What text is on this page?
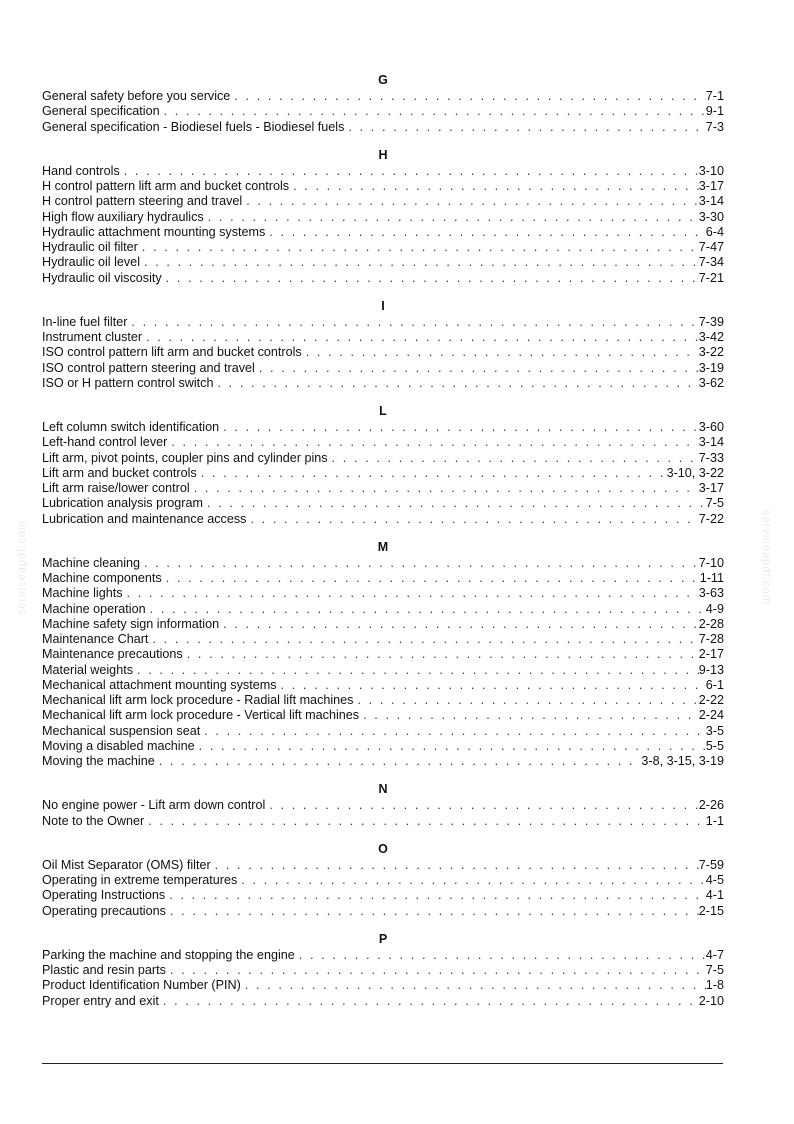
G
General safety before you service . . .	7-1
General specification . . .	9-1
General specification - Biodiesel fuels - Biodiesel fuels . . .	7-3
H
Hand controls . . .	3-10
H control pattern lift arm and bucket controls . . .	3-17
H control pattern steering and travel . . .	3-14
High flow auxiliary hydraulics . . .	3-30
Hydraulic attachment mounting systems . . .	6-4
Hydraulic oil filter . . .	7-47
Hydraulic oil level . . .	7-34
Hydraulic oil viscosity . . .	7-21
I
In-line fuel filter . . .	7-39
Instrument cluster . . .	3-42
ISO control pattern lift arm and bucket controls . . .	3-22
ISO control pattern steering and travel . . .	3-19
ISO or H pattern control switch . . .	3-62
L
Left column switch identification . . .	3-60
Left-hand control lever . . .	3-14
Lift arm, pivot points, coupler pins and cylinder pins . . .	7-33
Lift arm and bucket controls . . .	3-10, 3-22
Lift arm raise/lower control . . .	3-17
Lubrication analysis program . . .	7-5
Lubrication and maintenance access . . .	7-22
M
Machine cleaning . . .	7-10
Machine components . . .	1-11
Machine lights . . .	3-63
Machine operation . . .	4-9
Machine safety sign information . . .	2-28
Maintenance Chart . . .	7-28
Maintenance precautions . . .	2-17
Material weights . . .	9-13
Mechanical attachment mounting systems . . .	6-1
Mechanical lift arm lock procedure - Radial lift machines . . .	2-22
Mechanical lift arm lock procedure - Vertical lift machines . . .	2-24
Mechanical suspension seat . . .	3-5
Moving a disabled machine . . .	5-5
Moving the machine . . .	3-8, 3-15, 3-19
N
No engine power - Lift arm down control . . .	2-26
Note to the Owner . . .	1-1
O
Oil Mist Separator (OMS) filter . . .	7-59
Operating in extreme temperatures . . .	4-5
Operating Instructions . . .	4-1
Operating precautions . . .	2-15
P
Parking the machine and stopping the engine . . .	4-7
Plastic and resin parts . . .	7-5
Product Identification Number (PIN) . . .	1-8
Proper entry and exit . . .	2-10
serviceapdf.com	serviceapdf.com
